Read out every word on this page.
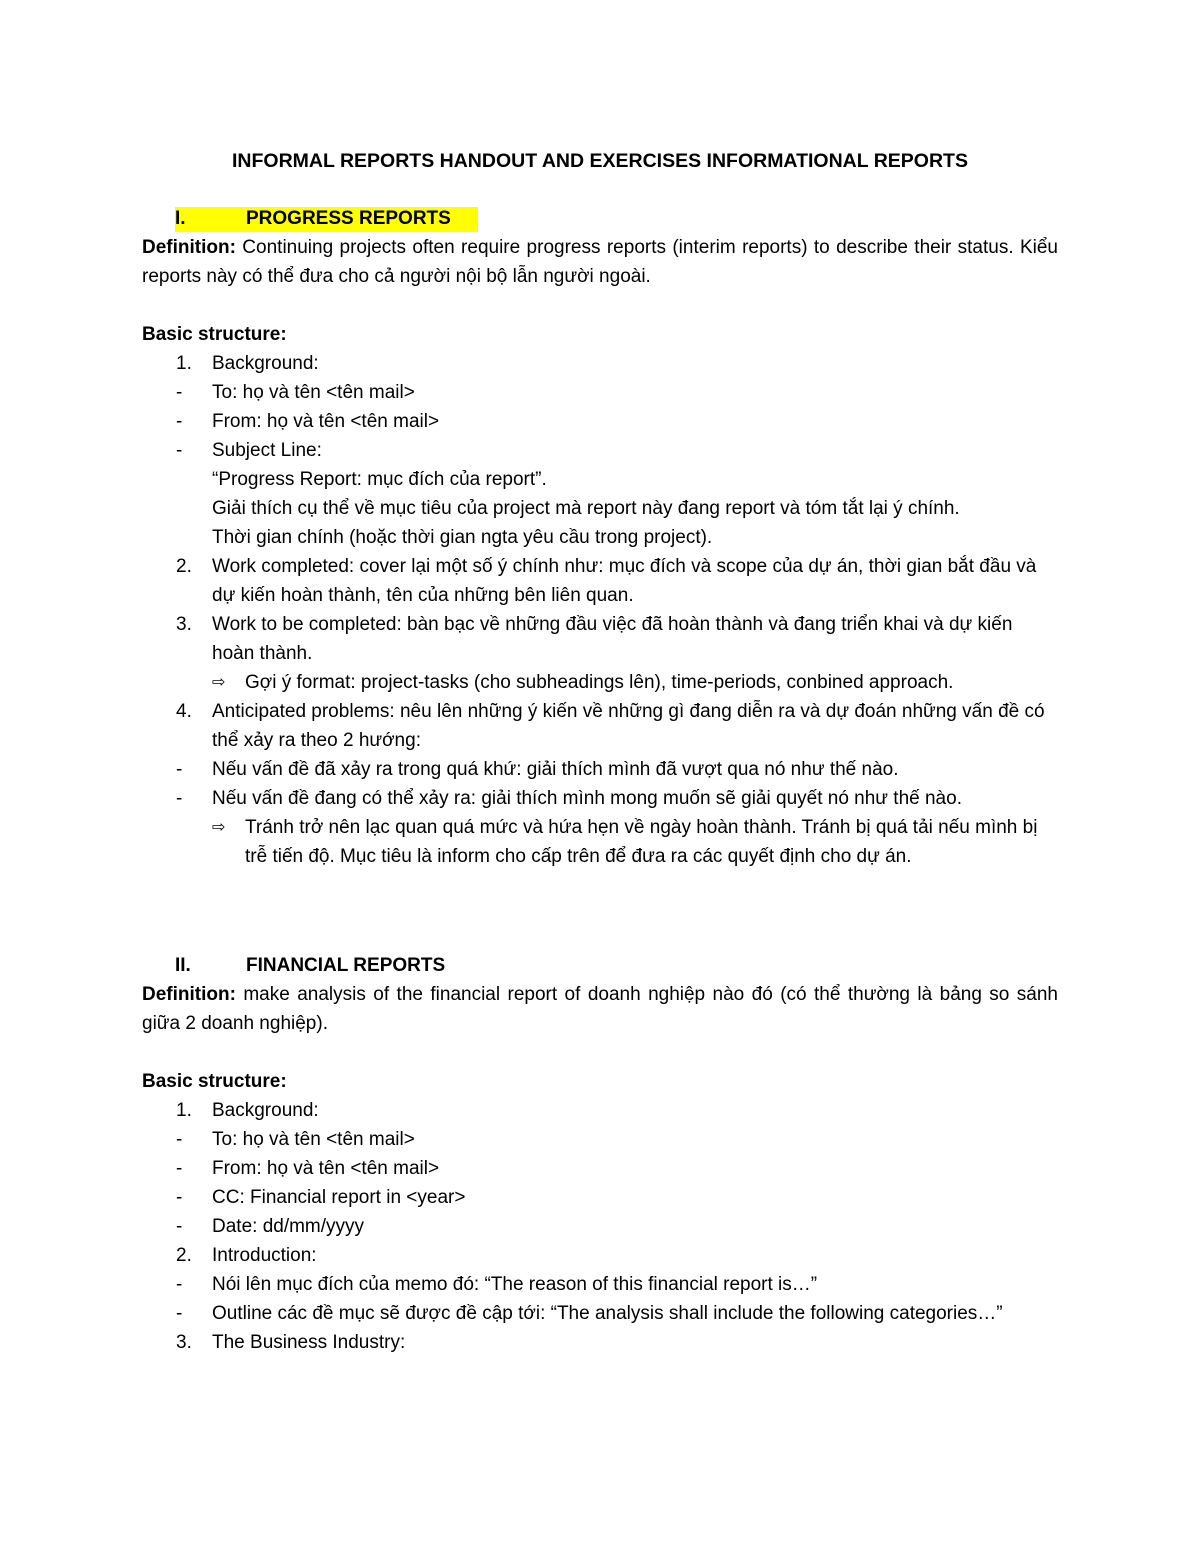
INFORMAL REPORTS HANDOUT AND EXERCISES INFORMATIONAL REPORTS
I.	PROGRESS REPORTS

Definition: Continuing projects often require progress reports (interim reports) to describe their status. Kiểu reports này có thể đưa cho cả người nội bộ lẫn người ngoài.

Basic structure:

1. Background:
- To: họ và tên <tên mail>
- From: họ và tên <tên mail>
- Subject Line:
“Progress Report: mục đích của report”.
Giải thích cụ thể về mục tiêu của project mà report này đang report và tóm tắt lại ý chính.
Thời gian chính (hoặc thời gian ngta yêu cầu trong project).
2. Work completed: cover lại một số ý chính như: mục đích và scope của dự án, thời gian bắt đầu và dự kiến hoàn thành, tên của những bên liên quan.
3. Work to be completed: bàn bạc về những đầu việc đã hoàn thành và đang triển khai và dự kiến hoàn thành.
⇨ Gợi ý format: project-tasks (cho subheadings lên), time-periods, conbined approach.
4. Anticipated problems: nêu lên những ý kiến về những gì đang diễn ra và dự đoán những vấn đề có thể xảy ra theo 2 hướng:
- Nếu vấn đề đã xảy ra trong quá khứ: giải thích mình đã vượt qua nó như thế nào.
- Nếu vấn đề đang có thể xảy ra: giải thích mình mong muốn sẽ giải quyết nó như thế nào.
⇨ Tránh trở nên lạc quan quá mức và hứa hẹn về ngày hoàn thành. Tránh bị quá tải nếu mình bị trễ tiến độ. Mục tiêu là inform cho cấp trên để đưa ra các quyết định cho dự án.
II.	FINANCIAL REPORTS

Definition: make analysis of the financial report of doanh nghiệp nào đó (có thể thường là bảng so sánh giữa 2 doanh nghiệp).

Basic structure:

1. Background:
- To: họ và tên <tên mail>
- From: họ và tên <tên mail>
- CC: Financial report in <year>
- Date: dd/mm/yyyy
2. Introduction:
- Nói lên mục đích của memo đó: “The reason of this financial report is…”
- Outline các đề mục sẽ được đề cập tới: “The analysis shall include the following categories…”
3. The Business Industry:
